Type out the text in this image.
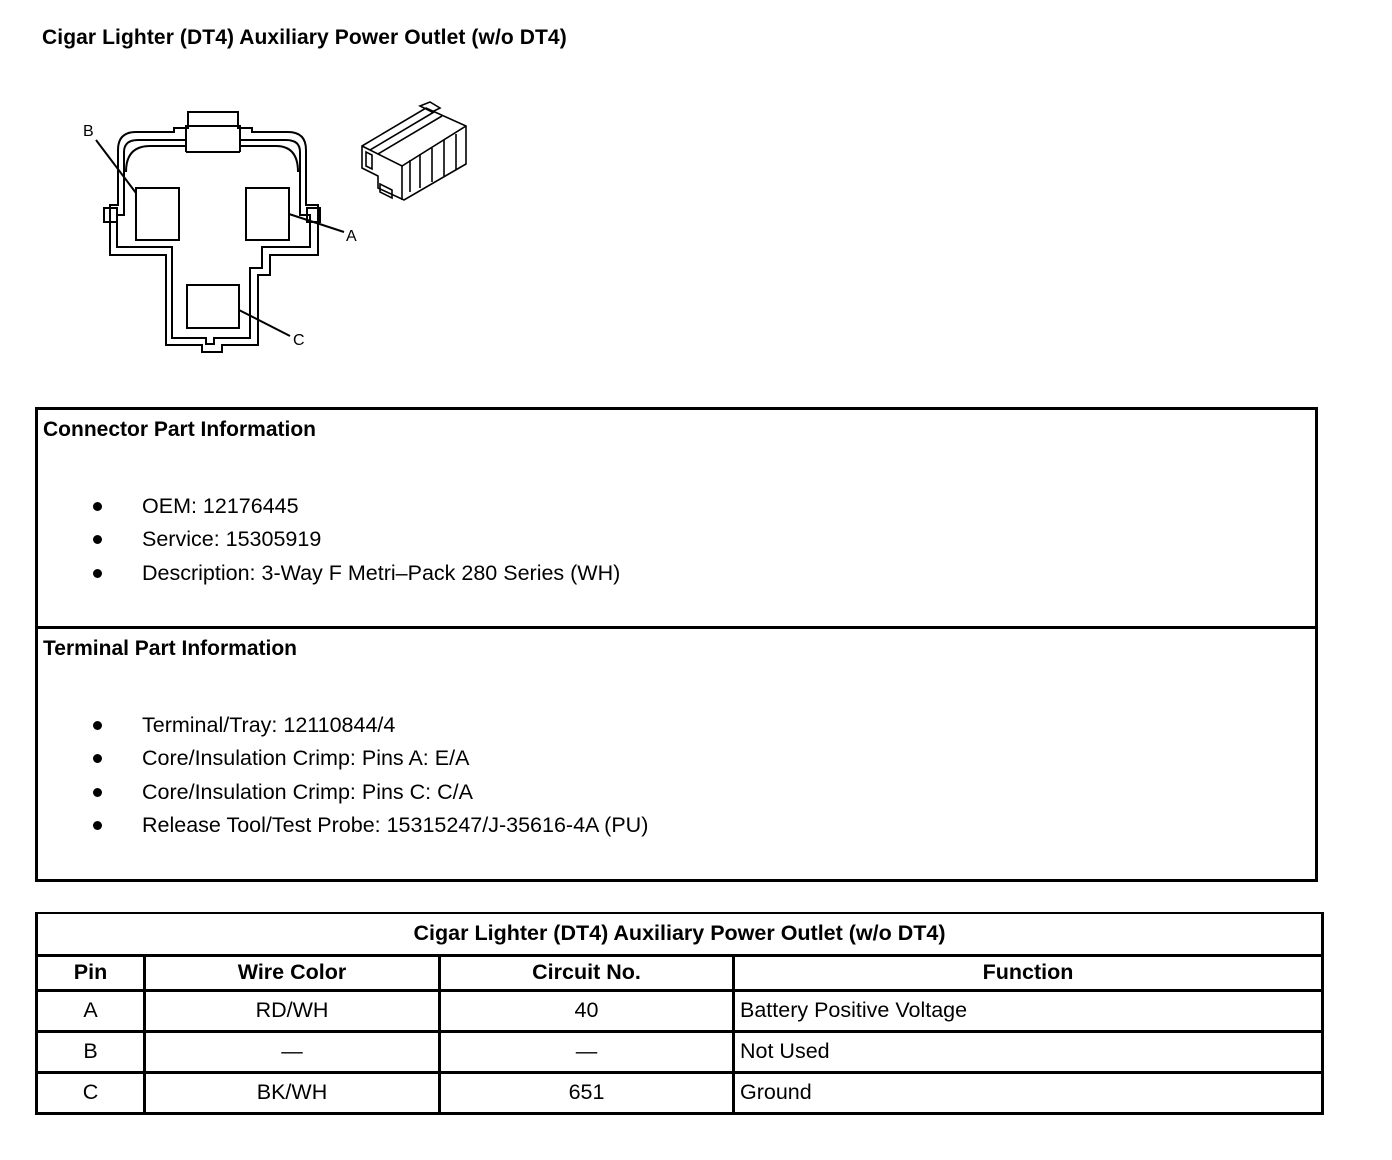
Cigar Lighter (DT4) Auxiliary Power Outlet (w/o DT4)
B
A
C
Connector Part Information
OEM: 12176445
Service: 15305919
Description: 3-Way F Metri–Pack 280 Series (WH)
Terminal Part Information
Terminal/Tray: 12110844/4
Core/Insulation Crimp: Pins A: E/A
Core/Insulation Crimp: Pins C: C/A
Release Tool/Test Probe: 15315247/J-35616-4A (PU)
Cigar Lighter (DT4) Auxiliary Power Outlet (w/o DT4)			
Pin	Wire Color	Circuit No.	Function
A	RD/WH	40	Battery Positive Voltage
B	—	—	Not Used
C	BK/WH	651	Ground
